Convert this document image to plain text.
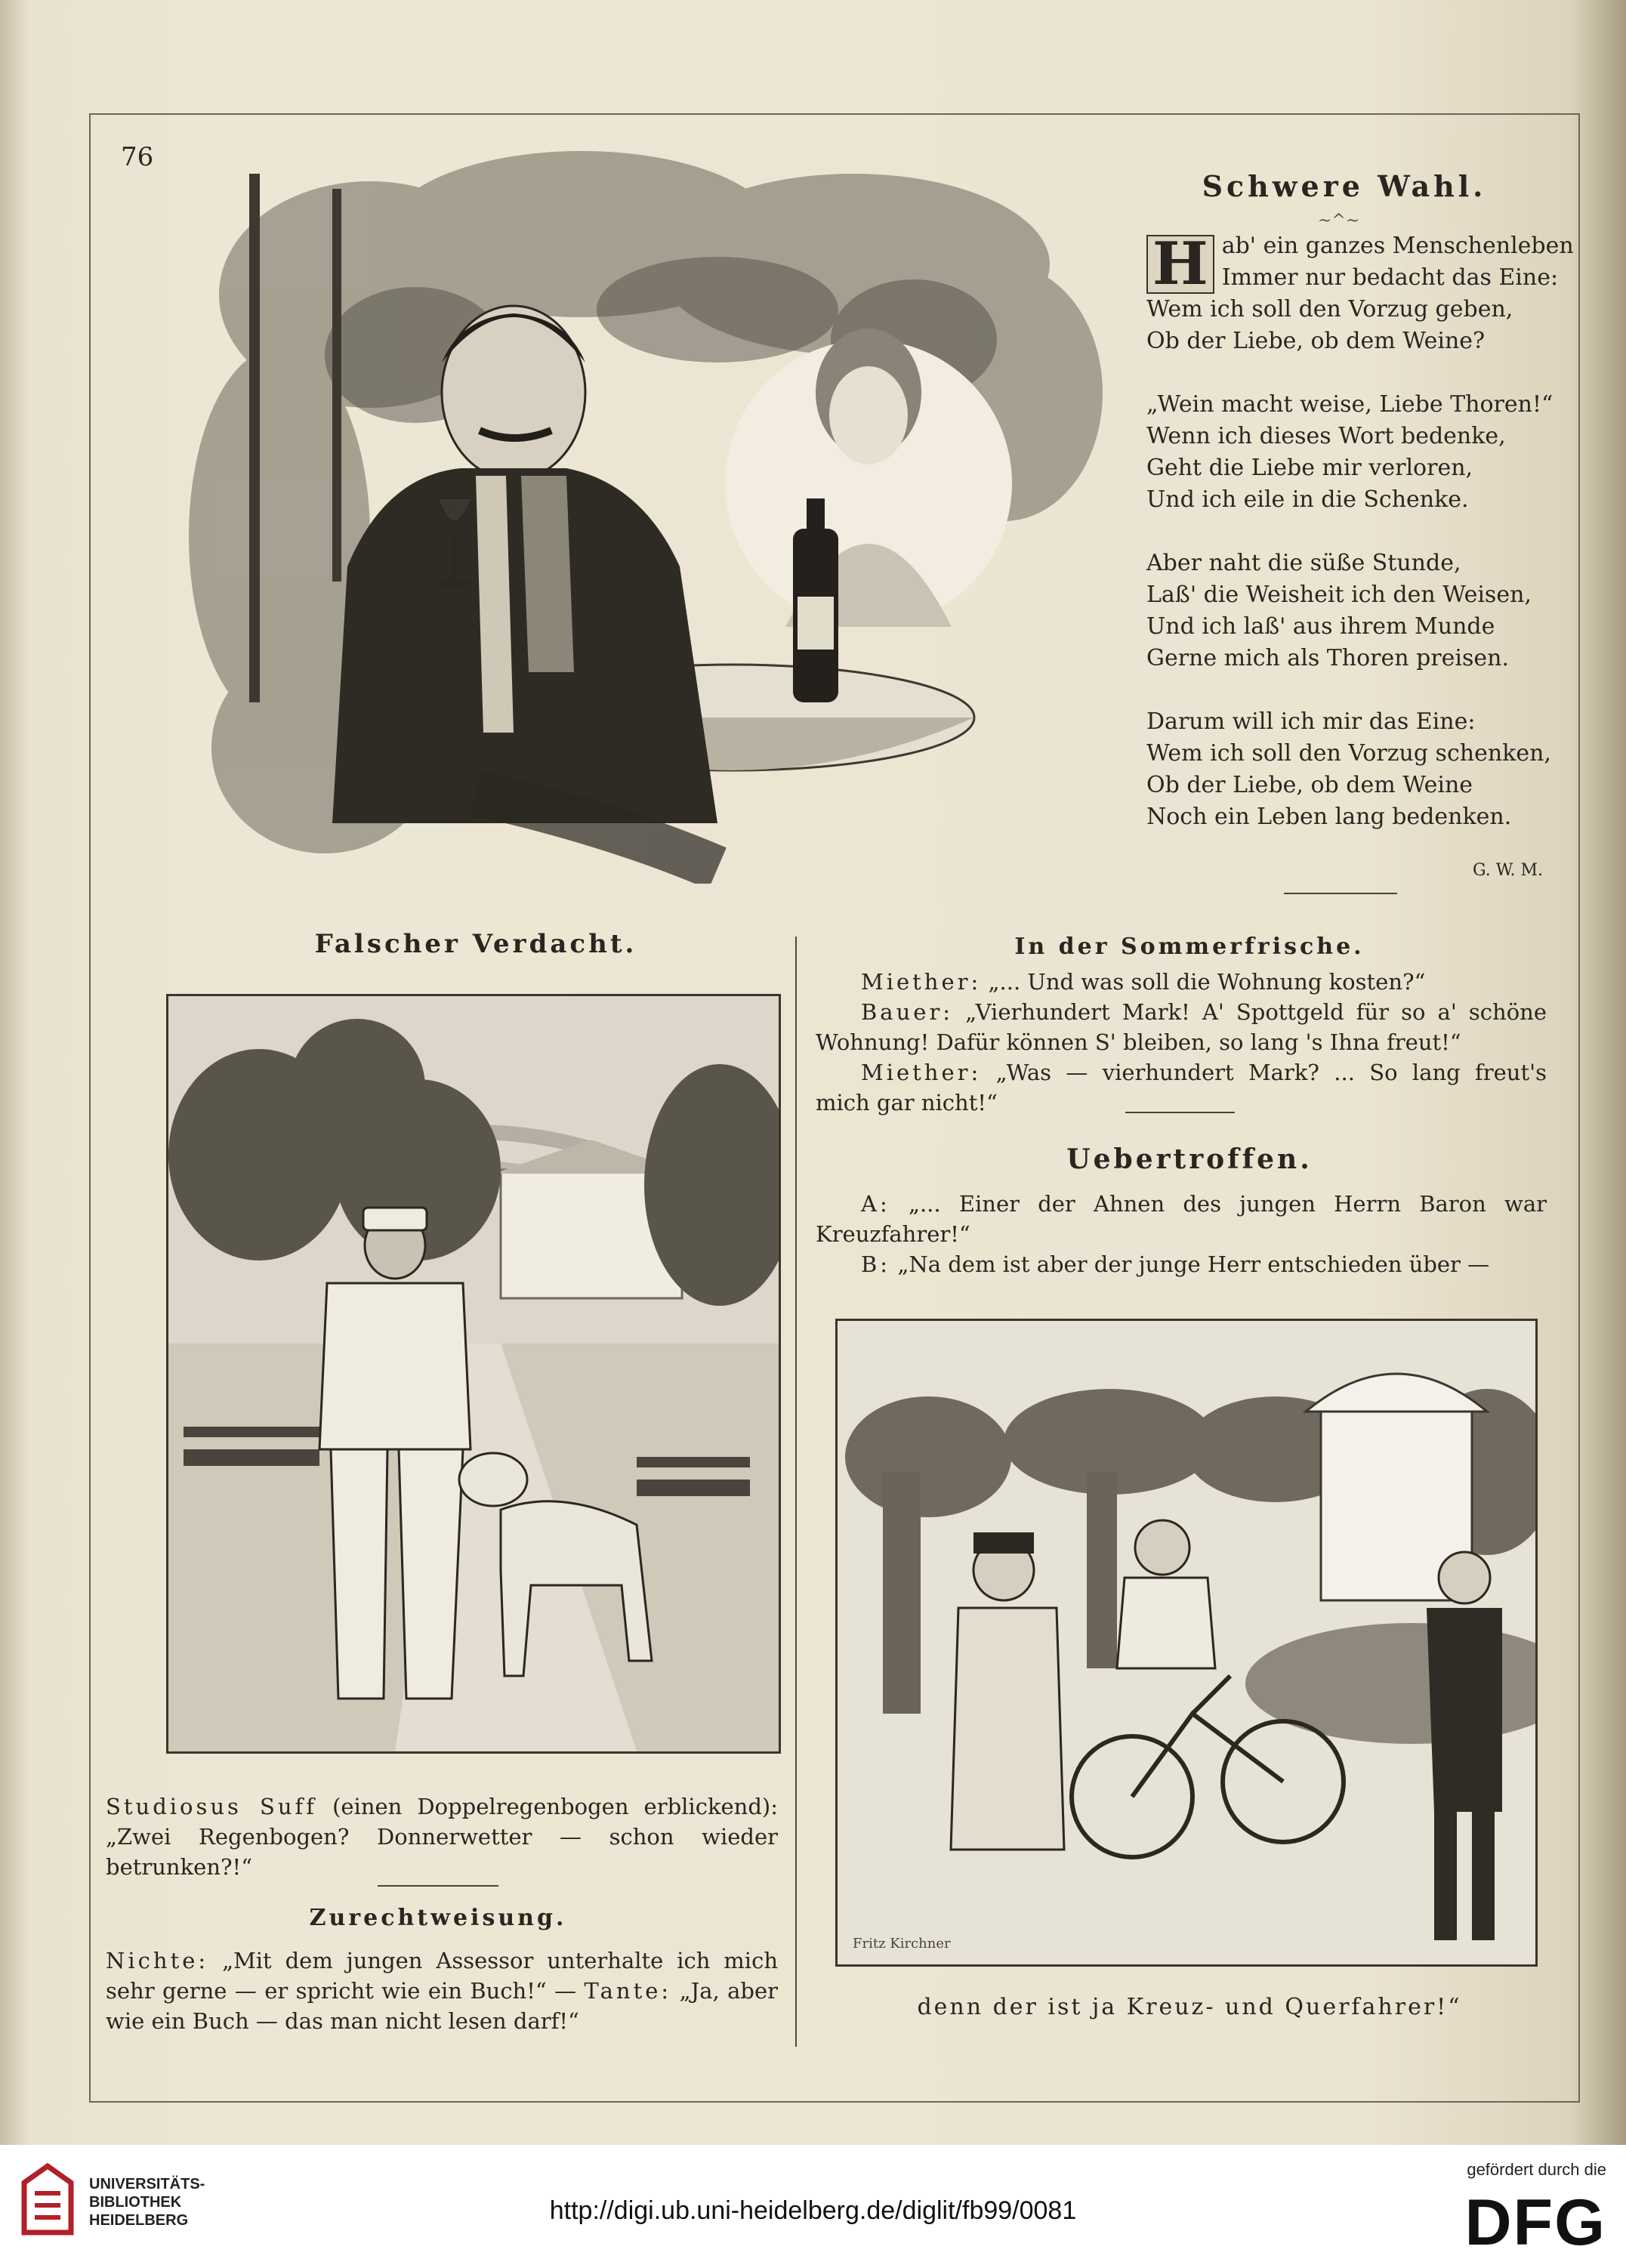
76
Schwere Wahl.
~^~
H ab' ein ganzes Menschenleben
Immer nur bedacht das Eine:
Wem ich soll den Vorzug geben,
Ob der Liebe, ob dem Weine?
„Wein macht weise, Liebe Thoren!“
Wenn ich dieses Wort bedenke,
Geht die Liebe mir verloren,
Und ich eile in die Schenke.
Aber naht die süße Stunde,
Laß' die Weisheit ich den Weisen,
Und ich laß' aus ihrem Munde
Gerne mich als Thoren preisen.
Darum will ich mir das Eine:
Wem ich soll den Vorzug schenken,
Ob der Liebe, ob dem Weine
Noch ein Leben lang bedenken.
G. W. M.
Falscher Verdacht.
Studiosus Suff (einen Doppelregenbogen erblickend): „Zwei Regenbogen? Donnerwetter — schon wieder betrunken?!“
Zurechtweisung.
Nichte: „Mit dem jungen Assessor unterhalte ich mich sehr gerne — er spricht wie ein Buch!“ — Tante: „Ja, aber wie ein Buch — das man nicht lesen darf!“
In der Sommerfrische.
Miether: „... Und was soll die Wohnung kosten?“
Bauer: „Vierhundert Mark! A' Spottgeld für so a' schöne Wohnung! Dafür können S' bleiben, so lang 's Ihna freut!“
Miether: „Was — vierhundert Mark? ... So lang freut's mich gar nicht!“
Uebertroffen.
A: „... Einer der Ahnen des jungen Herrn Baron war Kreuzfahrer!“
B: „Na dem ist aber der junge Herr entschieden über —
Fritz Kirchner
denn der ist ja Kreuz- und Querfahrer!“
UNIVERSITÄTS-
BIBLIOTHEK
HEIDELBERG	http://digi.ub.uni-heidelberg.de/diglit/fb99/0081
gefördert durch die
DFG
